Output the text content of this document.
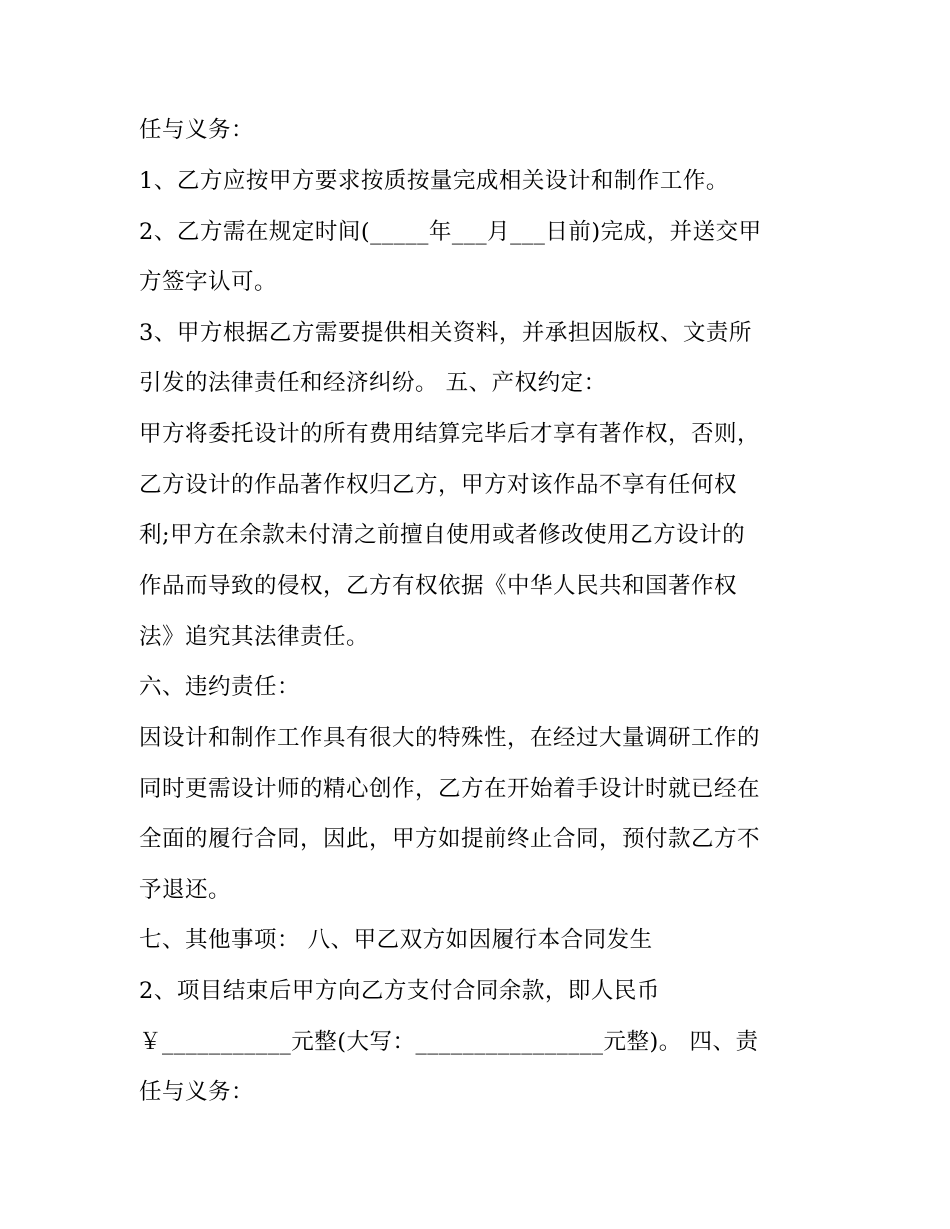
任与义务：
1、乙方应按甲方要求按质按量完成相关设计和制作工作。
2、乙方需在规定时间(_____年___月___日前)完成，并送交甲
方签字认可。
3、甲方根据乙方需要提供相关资料，并承担因版权、文责所
引发的法律责任和经济纠纷。 五、产权约定：
甲方将委托设计的所有费用结算完毕后才享有著作权，否则，
乙方设计的作品著作权归乙方，甲方对该作品不享有任何权
利;甲方在余款未付清之前擅自使用或者修改使用乙方设计的
作品而导致的侵权，乙方有权依据《中华人民共和国著作权
法》追究其法律责任。
六、违约责任：
因设计和制作工作具有很大的特殊性，在经过大量调研工作的
同时更需设计师的精心创作，乙方在开始着手设计时就已经在
全面的履行合同，因此，甲方如提前终止合同，预付款乙方不
予退还。
七、其他事项： 八、甲乙双方如因履行本合同发生
2、项目结束后甲方向乙方支付合同余款，即人民币
￥___________元整(大写：________________元整)。 四、责
任与义务：
